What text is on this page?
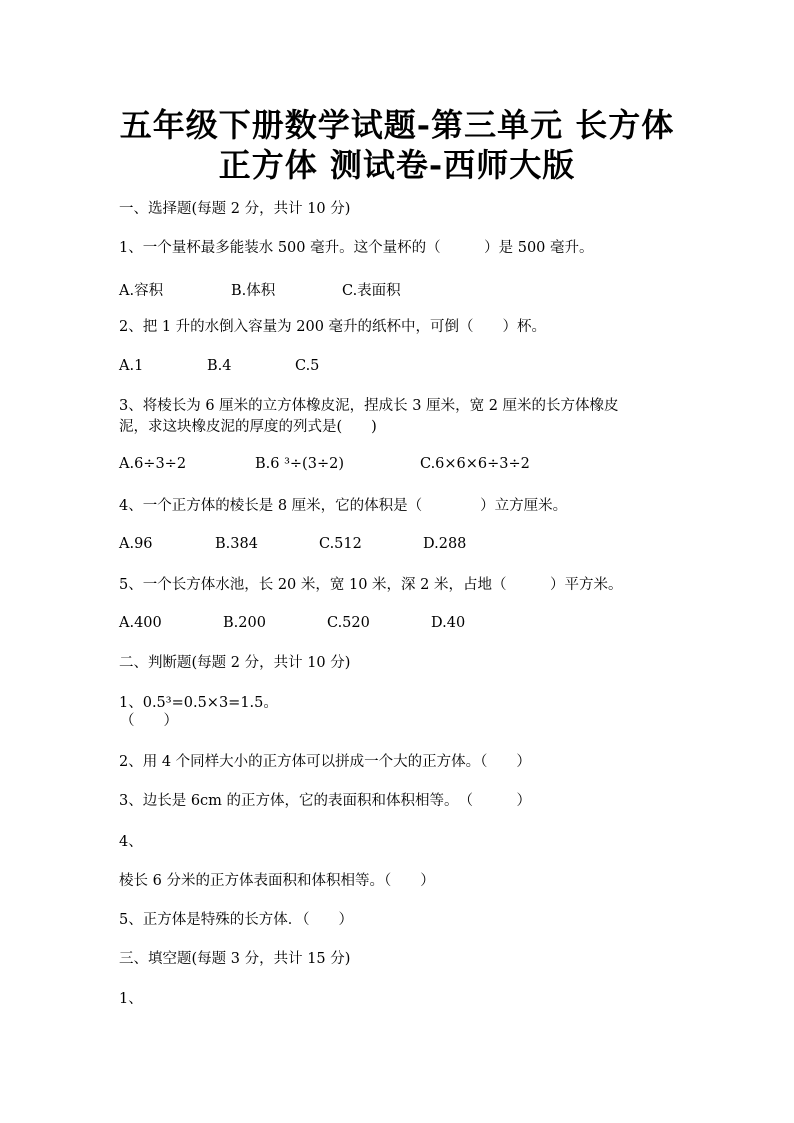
五年级下册数学试题-第三单元 长方体
正方体 测试卷-西师大版
一、选择题(每题 2 分，共计 10 分)
1、一个量杯最多能装水 500 毫升。这个量杯的（　　　）是 500 毫升。
A.容积	B.体积	C.表面积
2、把 1 升的水倒入容量为 200 毫升的纸杯中，可倒（　　）杯。
A.1	B.4	C.5
3、将棱长为 6 厘米的立方体橡皮泥，捏成长 3 厘米，宽 2 厘米的长方体橡皮
泥，求这块橡皮泥的厚度的列式是(　　)
A.6÷3÷2	B.6 ³÷(3÷2)	C.6×6×6÷3÷2
4、一个正方体的棱长是 8 厘米，它的体积是（　　　　）立方厘米。
A.96	B.384	C.512	D.288
5、一个长方体水池，长 20 米，宽 10 米，深 2 米，占地（　　　）平方米。
A.400	B.200	C.520	D.40
二、判断题(每题 2 分，共计 10 分)
1、0.5³=0.5×3=1.5。
（　　）
2、用 4 个同样大小的正方体可以拼成一个大的正方体。（　　）
3、边长是 6cm 的正方体，它的表面积和体积相等。　（　　　）
4、
棱长 6 分米的正方体表面积和体积相等。（　　）
5、正方体是特殊的长方体．（　　）
三、填空题(每题 3 分，共计 15 分)
1、
